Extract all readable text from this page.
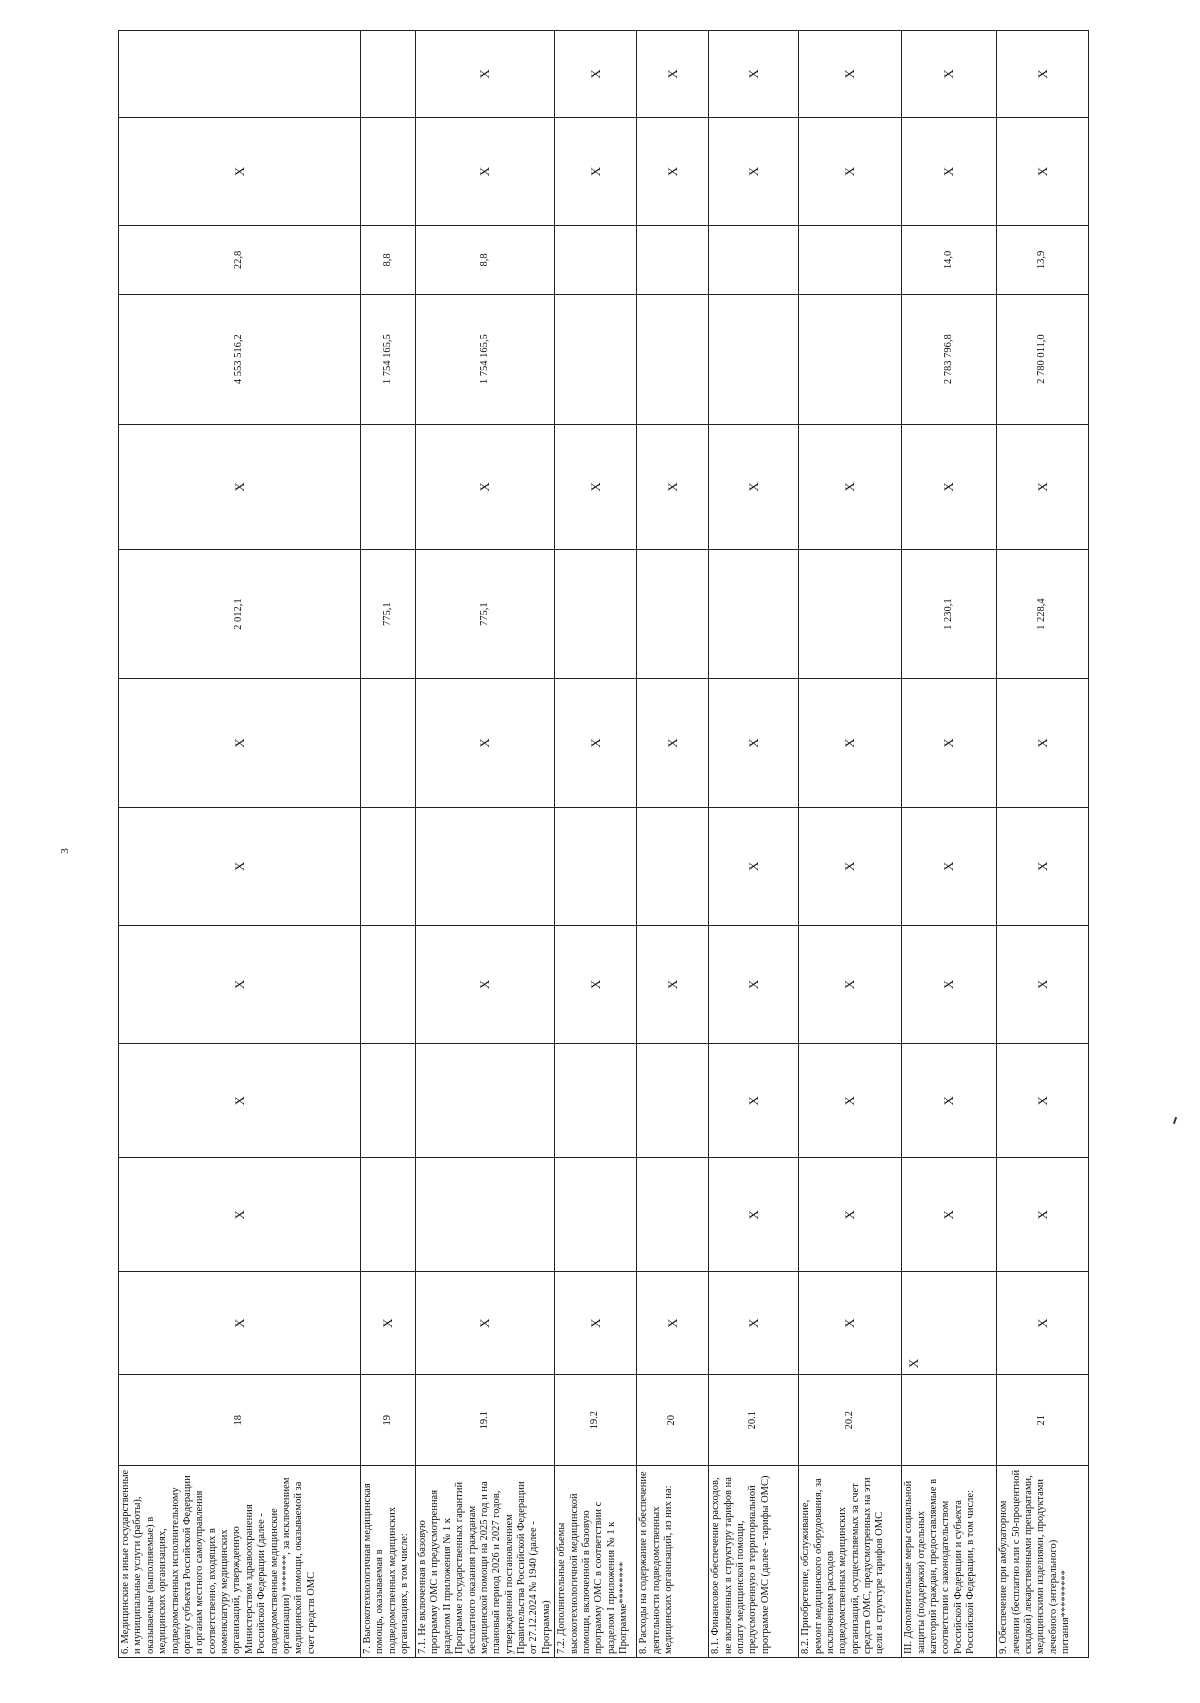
3
6. Медицинские и иные государственные и муниципальные услуги (работы), оказываемые (выполняемые) в медицинских организациях, подведомственных исполнительному органу субъекта Российской Федерации и органам местного самоуправления соответственно, входящих в номенклатуру медицинских организаций, утвержденную Министерством здравоохранения Российской Федерации (далее - подведомственные медицинские организации) *******, за исключением медицинской помощи, оказываемой за счет средств ОМС	18	X	X	X	X	X	X	2 012,1	X	4 553 516,2	22,8	X	
7. Высокотехнологичная медицинская помощь, оказываемая в подведомственных медицинских организациях, в том числе:	19	X						775,1		1 754 165,5	8,8		
7.1. Не включенная в базовую программу ОМС и предусмотренная разделом II приложения № 1 к Программе государственных гарантий бесплатного оказания гражданам медицинской помощи на 2025 год и на плановый период 2026 и 2027 годов, утвержденной постановлением Правительства Российской Федерации от 27.12.2024 № 1940 (далее - Программа)	19.1	X			X		X	775,1	X	1 754 165,5	8,8	X	X
7.2. Дополнительные объемы высокотехнологичной медицинской помощи, включенной в базовую программу ОМС в соответствии с разделом I приложения № 1 к Программе********	19.2	X			X		X		X			X	X
8. Расходы на содержание и обеспечение деятельности подведомственных медицинских организаций, из них на:	20	X			X		X		X			X	X
8.1. Финансовое обеспечение расходов, не включенных в структуру тарифов на оплату медицинской помощи, предусмотренную в территориальной программе ОМС (далее - тарифы ОМС)	20.1	X	X	X	X	X	X		X			X	X
8.2. Приобретение, обслуживание, ремонт медицинского оборудования, за исключением расходов подведомственных медицинских организаций, осуществляемых за счет средств ОМС, предусмотренных на эти цели в структуре тарифов ОМС	20.2	X	X	X	X	X	X		X			X	X
III. Дополнительные меры социальной защиты (поддержки) отдельных категорий граждан, предоставляемые в соответствии с законодательством Российской Федерации и субъекта Российской Федерации, в том числе:		X	X	X	X	X	X	1 230,1	X	2 783 796,8	14,0	X	X
9. Обеспечение при амбулаторном лечении (бесплатно или с 50-процентной скидкой) лекарственными препаратами, медицинскими изделиями, продуктами лечебного (энтерального) питания*********	21	X	X	X	X	X	X	1 228,4	X	2 780 011,0	13,9	X	X
